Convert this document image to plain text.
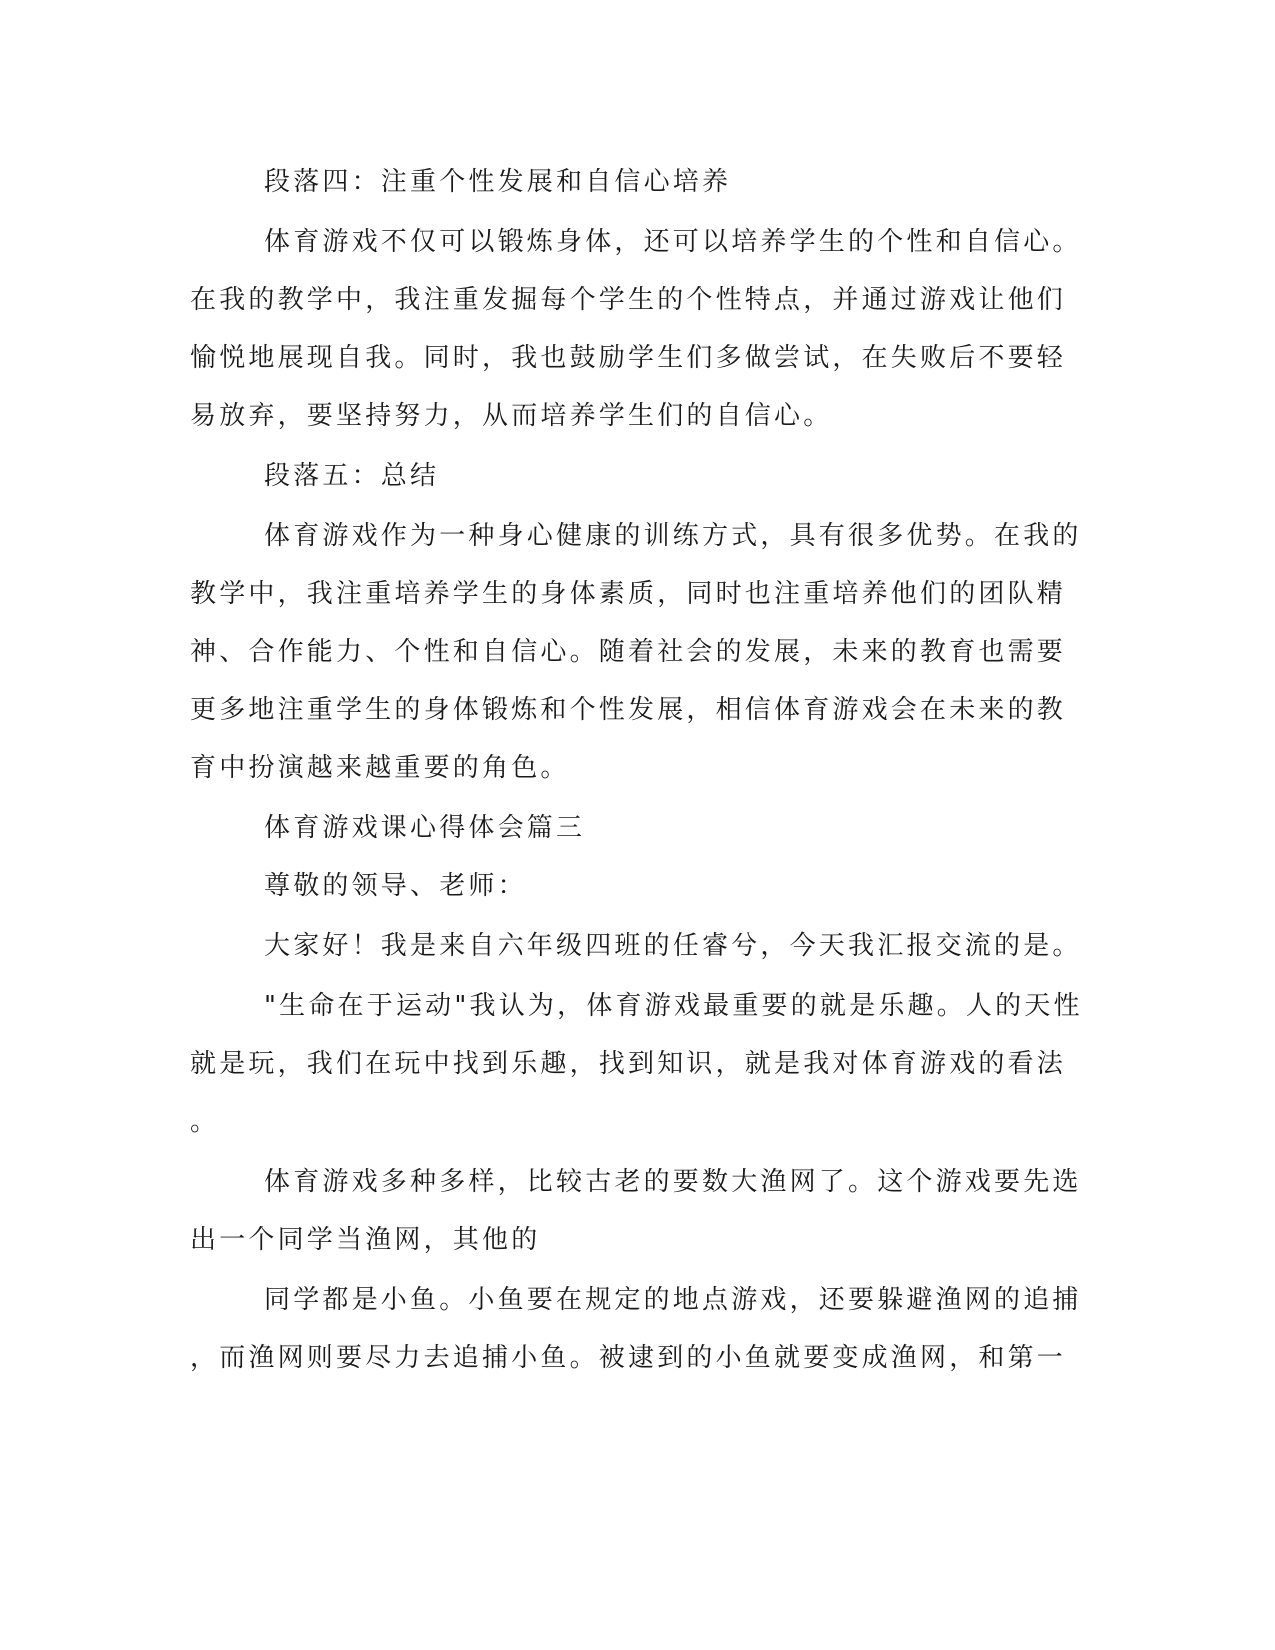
段落四：注重个性发展和自信心培养
体育游戏不仅可以锻炼身体，还可以培养学生的个性和自信心。
在我的教学中，我注重发掘每个学生的个性特点，并通过游戏让他们
愉悦地展现自我。同时，我也鼓励学生们多做尝试，在失败后不要轻
易放弃，要坚持努力，从而培养学生们的自信心。
段落五：总结
体育游戏作为一种身心健康的训练方式，具有很多优势。在我的
教学中，我注重培养学生的身体素质，同时也注重培养他们的团队精
神、合作能力、个性和自信心。随着社会的发展，未来的教育也需要
更多地注重学生的身体锻炼和个性发展，相信体育游戏会在未来的教
育中扮演越来越重要的角色。
体育游戏课心得体会篇三
尊敬的领导、老师：
大家好！我是来自六年级四班的任睿兮，今天我汇报交流的是。
"生命在于运动"我认为，体育游戏最重要的就是乐趣。人的天性
就是玩，我们在玩中找到乐趣，找到知识，就是我对体育游戏的看法
。
体育游戏多种多样，比较古老的要数大渔网了。这个游戏要先选
出一个同学当渔网，其他的
同学都是小鱼。小鱼要在规定的地点游戏，还要躲避渔网的追捕
，而渔网则要尽力去追捕小鱼。被逮到的小鱼就要变成渔网，和第一
